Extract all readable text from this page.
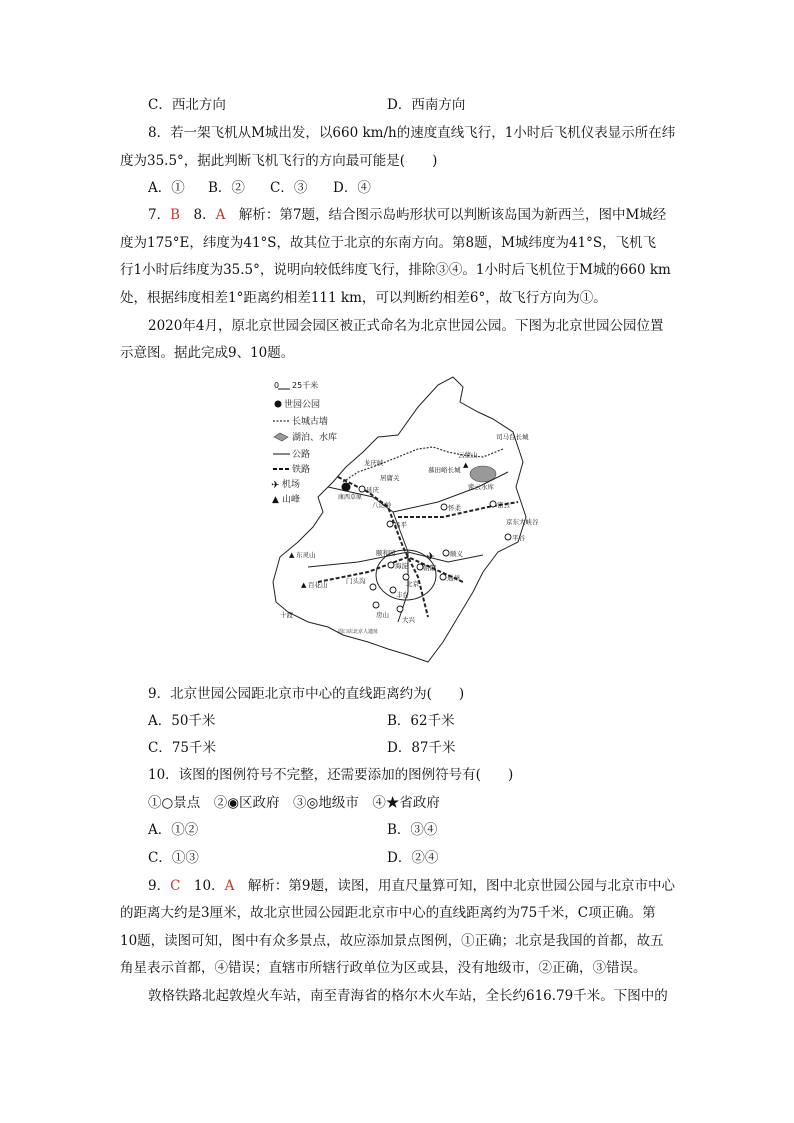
C．西北方向	D．西南方向
8．若一架飞机从M城出发，以660 km/h的速度直线飞行，1小时后飞机仪表显示所在纬
度为35.5°，据此判断飞机飞行的方向最可能是(　　)
A．① B．② C．③ D．④
7．B　8．A　解析：第7题，结合图示岛屿形状可以判断该岛国为新西兰，图中M城经
度为175°E，纬度为41°S，故其位于北京的东南方向。第8题，M城纬度为41°S，飞机飞
行1小时后纬度为35.5°，说明向较低纬度飞行，排除③④。1小时后飞机位于M城的660 km
处，根据纬度相差1°距离约相差111 km，可以判断约相差6°，故飞行方向为①。
2020年4月，原北京世园会园区被正式命名为北京世园公园。下图为北京世园公园位置
示意图。据此完成9、10题。
0 25千米
世园公园
长城古墙
湖泊、水库
公路
铁路
✈ 机场
▲ 山峰
✈
▲
▲
▲
龙庆峡
延庆
康西草原
八达岭
昌平
怀柔	密云
慕田峪长城
司马台长城
云蒙山
京东大峡谷
平谷
顺义
东灵山
百花山	门头沟
海淀 朝阳
北京
通州
丰台
房山
大兴
十渡
周口店北京人遗址
颐和园
居庸关
密云水库
9．北京世园公园距北京市中心的直线距离约为(　　)
A．50千米	B．62千米
C．75千米	D．87千米
10．该图的图例符号不完整，还需要添加的图例符号有(　　)
①○景点　②◉区政府　③◎地级市　④★省政府
A．①②	B．③④
C．①③	D．②④
9．C　10．A　解析：第9题，读图，用直尺量算可知，图中北京世园公园与北京市中心
的距离大约是3厘米，故北京世园公园距北京市中心的直线距离约为75千米，C项正确。第
10题，读图可知，图中有众多景点，故应添加景点图例，①正确；北京是我国的首都，故五
角星表示首都，④错误；直辖市所辖行政单位为区或县，没有地级市，②正确，③错误。
敦格铁路北起敦煌火车站，南至青海省的格尔木火车站，全长约616.79千米。下图中的
